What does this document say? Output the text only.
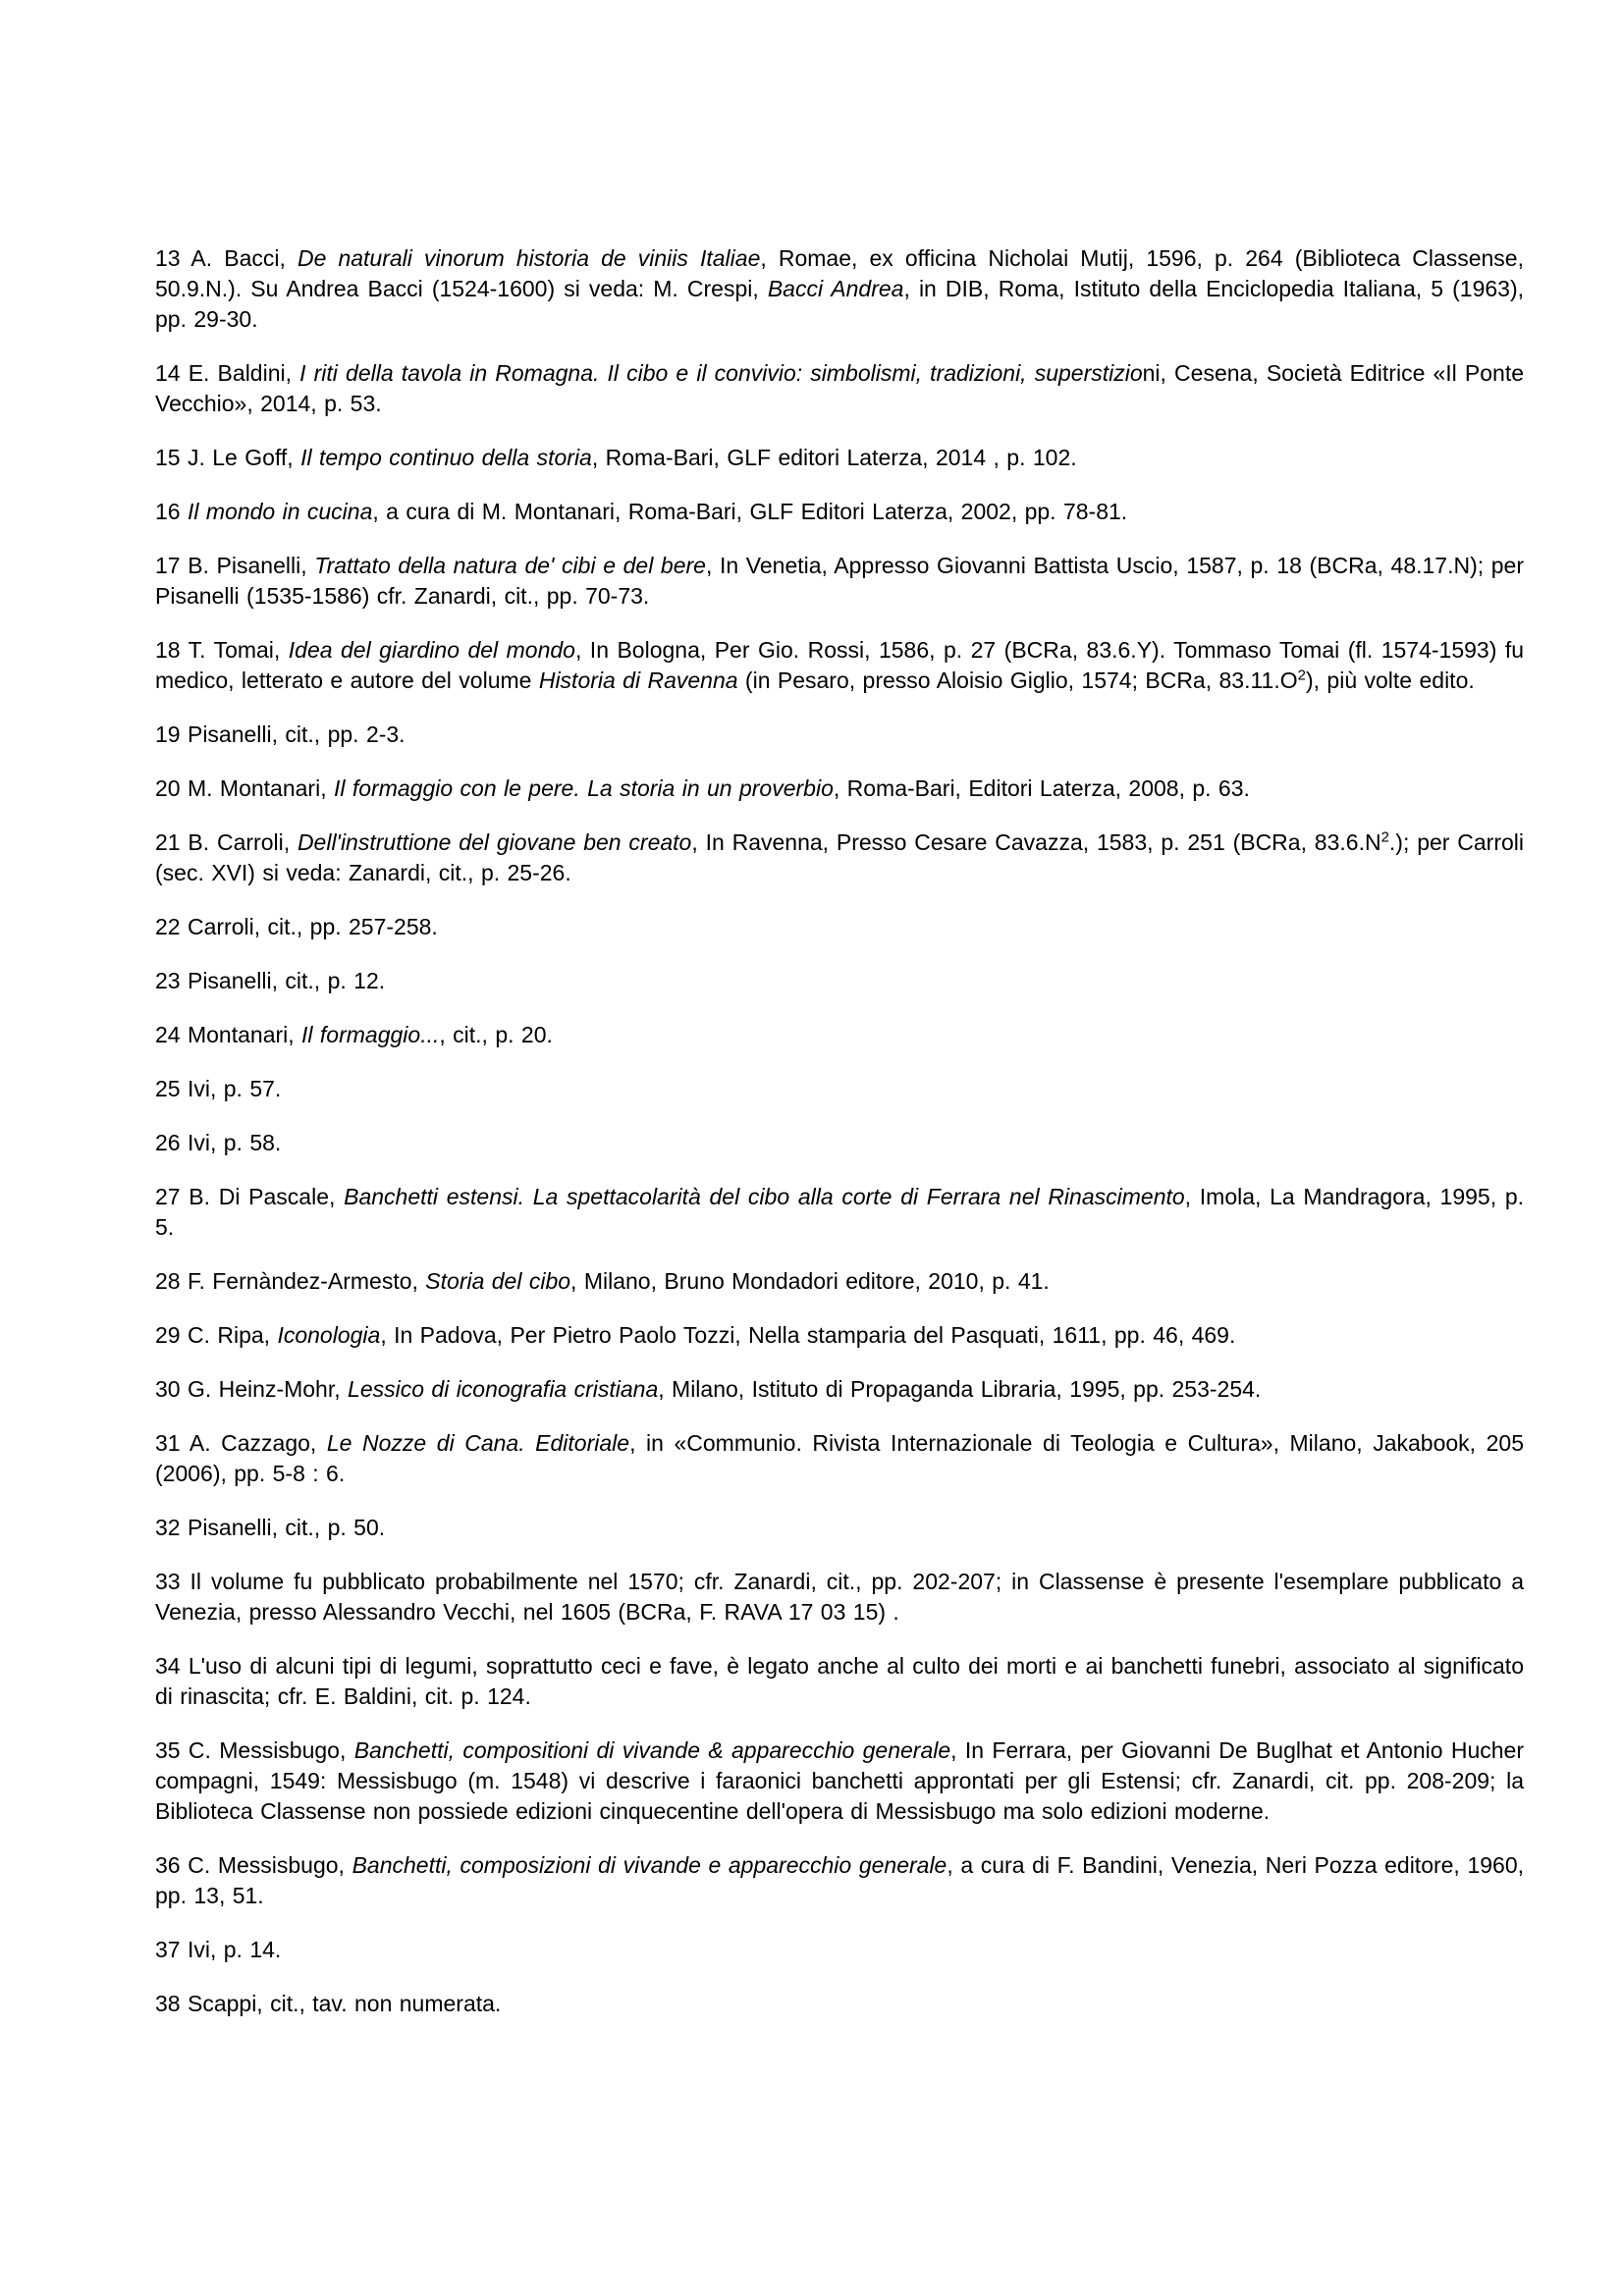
13 A. Bacci, De naturali vinorum historia de viniis Italiae, Romae, ex officina Nicholai Mutij, 1596, p. 264 (Biblioteca Classense, 50.9.N.). Su Andrea Bacci (1524-1600) si veda: M. Crespi, Bacci Andrea, in DIB, Roma, Istituto della Enciclopedia Italiana, 5 (1963), pp. 29-30.

14 E. Baldini, I riti della tavola in Romagna. Il cibo e il convivio: simbolismi, tradizioni, superstizioni, Cesena, Società Editrice «Il Ponte Vecchio», 2014, p. 53.

15 J. Le Goff, Il tempo continuo della storia, Roma-Bari, GLF editori Laterza, 2014 , p. 102.

16 Il mondo in cucina, a cura di M. Montanari, Roma-Bari, GLF Editori Laterza, 2002, pp. 78-81.

17 B. Pisanelli, Trattato della natura de' cibi e del bere, In Venetia, Appresso Giovanni Battista Uscio, 1587, p. 18 (BCRa, 48.17.N); per Pisanelli (1535-1586) cfr. Zanardi, cit., pp. 70-73.

18 T. Tomai, Idea del giardino del mondo, In Bologna, Per Gio. Rossi, 1586, p. 27 (BCRa, 83.6.Y). Tommaso Tomai (fl. 1574-1593) fu medico, letterato e autore del volume Historia di Ravenna (in Pesaro, presso Aloisio Giglio, 1574; BCRa, $83.11.O^2$), più volte edito.

19 Pisanelli, cit., pp. 2-3.

20 M. Montanari, Il formaggio con le pere. La storia in un proverbio, Roma-Bari, Editori Laterza, 2008, p. 63.

21 B. Carroli, Dell'instruttione del giovane ben creato, In Ravenna, Presso Cesare Cavazza, 1583, p. 251 (BCRa, $83.6.N^2$.); per Carroli (sec. XVI) si veda: Zanardi, cit., p. 25-26.

22 Carroli, cit., pp. 257-258.

23 Pisanelli, cit., p. 12.

24 Montanari, Il formaggio..., cit., p. 20.

25 Ivi, p. 57.

26 Ivi, p. 58.

27 B. Di Pascale, Banchetti estensi. La spettacolarità del cibo alla corte di Ferrara nel Rinascimento, Imola, La Mandragora, 1995, p. 5.

28 F. Fernàndez-Armesto, Storia del cibo, Milano, Bruno Mondadori editore, 2010, p. 41.

29 C. Ripa, Iconologia, In Padova, Per Pietro Paolo Tozzi, Nella stamparia del Pasquati, 1611, pp. 46, 469.

30 G. Heinz-Mohr, Lessico di iconografia cristiana, Milano, Istituto di Propaganda Libraria, 1995, pp. 253-254.

31 A. Cazzago, Le Nozze di Cana. Editoriale, in «Communio. Rivista Internazionale di Teologia e Cultura», Milano, Jakabook, 205 (2006), pp. 5-8 : 6.

32 Pisanelli, cit., p. 50.

33 Il volume fu pubblicato probabilmente nel 1570; cfr. Zanardi, cit., pp. 202-207; in Classense è presente l'esemplare pubblicato a Venezia, presso Alessandro Vecchi, nel 1605 (BCRa, F. RAVA 17 03 15) .

34 L'uso di alcuni tipi di legumi, soprattutto ceci e fave, è legato anche al culto dei morti e ai banchetti funebri, associato al significato di rinascita; cfr. E. Baldini, cit. p. 124.

35 C. Messisbugo, Banchetti, compositioni di vivande & apparecchio generale, In Ferrara, per Giovanni De Buglhat et Antonio Hucher compagni, 1549: Messisbugo (m. 1548) vi descrive i faraonici banchetti approntati per gli Estensi; cfr. Zanardi, cit. pp. 208-209; la Biblioteca Classense non possiede edizioni cinquecentine dell'opera di Messisbugo ma solo edizioni moderne.

36 C. Messisbugo, Banchetti, composizioni di vivande e apparecchio generale, a cura di F. Bandini, Venezia, Neri Pozza editore, 1960, pp. 13, 51.

37 Ivi, p. 14.

38 Scappi, cit., tav. non numerata.
